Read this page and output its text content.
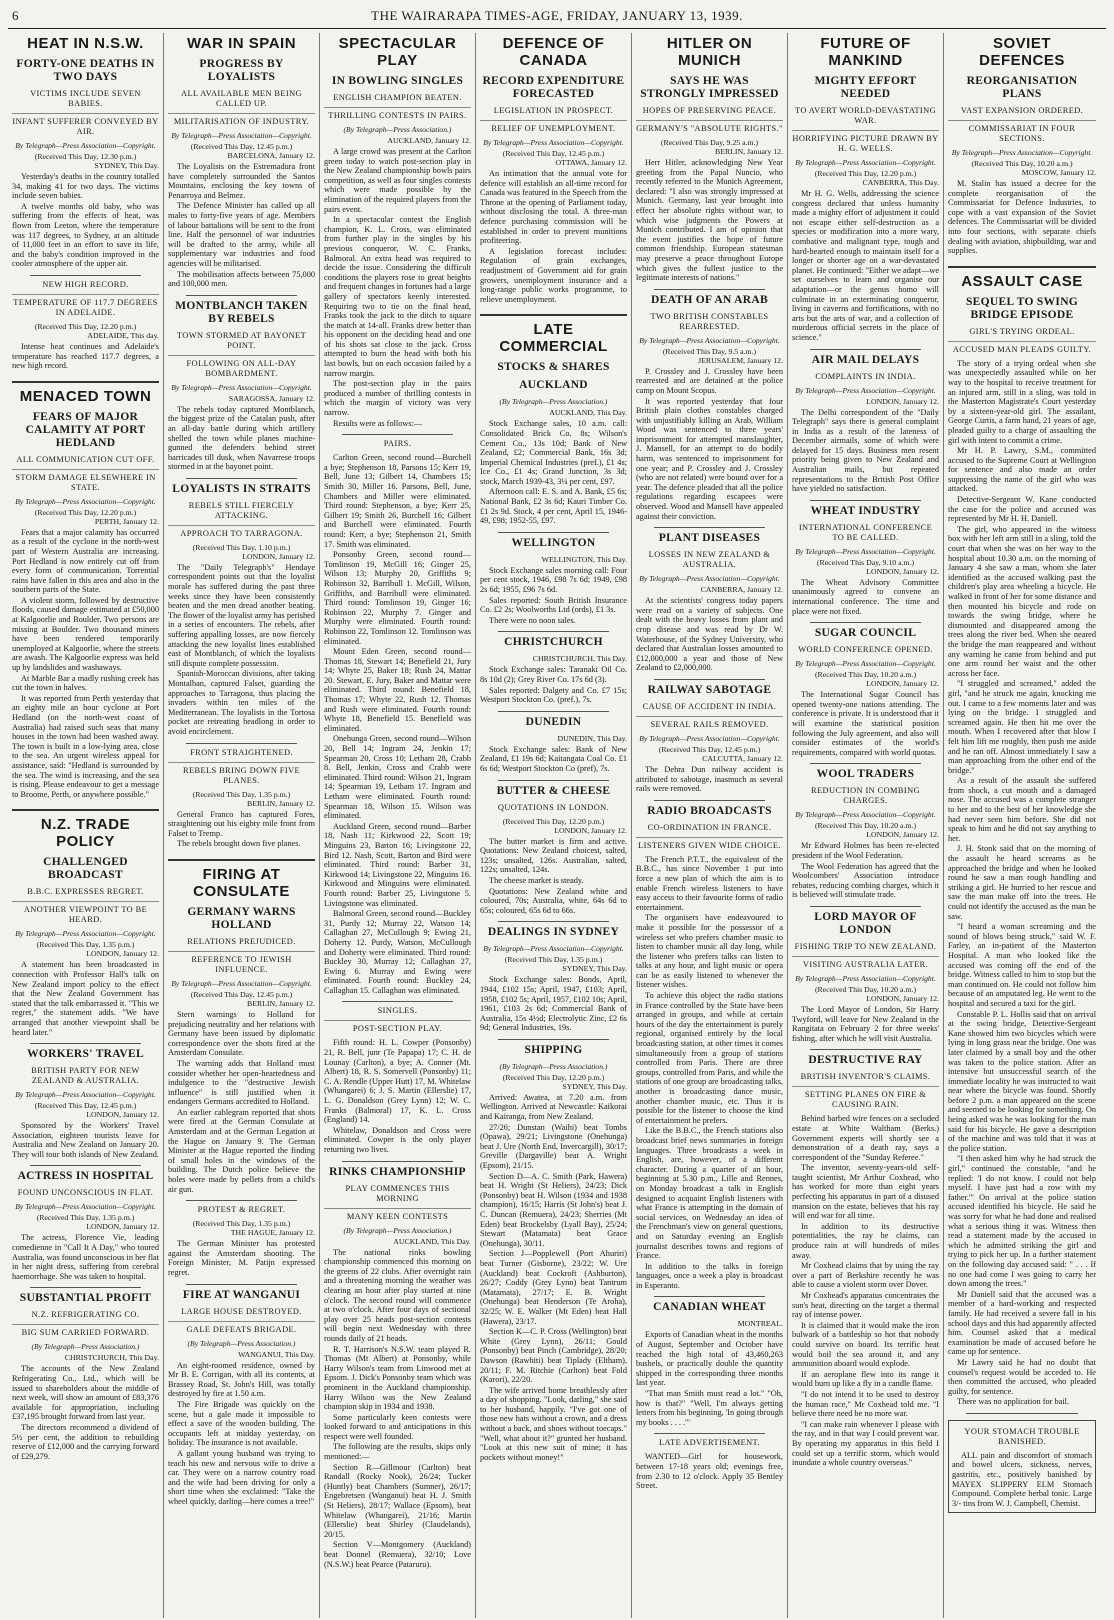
6	THE WAIRARAPA TIMES-AGE, FRIDAY, JANUARY 13, 1939.
HEAT IN N.S.W.
FORTY-ONE DEATHS IN TWO DAYS
VICTIMS INCLUDE SEVEN BABIES.
INFANT SUFFERER CONVEYED BY AIR.
By Telegraph—Press Association—Copyright.
(Received This Day, 12.30 p.m.)
SYDNEY, This Day.
Yesterday's deaths in the country totalled 34, making 41 for two days. The victims include seven babies.
A twelve months old baby, who was suffering from the effects of heat, was flown from Leeton, where the temperature was 117 degrees, to Sydney, at an altitude of 11,000 feet in an effort to save its life, and the baby's condition improved in the cooler atmosphere of the upper air.
NEW HIGH RECORD.
TEMPERATURE OF 117.7 DEGREES IN ADELAIDE.
(Received This Day, 12.20 p.m.)
ADELAIDE, This day.
Intense heat continues and Adelaide's temperature has reached 117.7 degrees, a new high record.
MENACED TOWN
FEARS OF MAJOR CALAMITY AT PORT HEDLAND
ALL COMMUNICATION CUT OFF.
STORM DAMAGE ELSEWHERE IN STATE.
By Telegraph—Press Association—Copyright.
(Received This Day, 12.20 p.m.)
PERTH, January 12.
Fears that a major calamity has occurred as a result of the cyclone in the north-west part of Western Australia are increasing. Port Hedland is now entirely cut off from every form of communication. Torrential rains have fallen in this area and also in the southern parts of the State.
A violent storm, followed by destructive floods, caused damage estimated at £50,000 at Kalgoorlie and Boulder. Two persons are missing at Boulder. Two thousand miners have been rendered temporarily unemployed at Kalgoorlie, where the streets are awash. The Kalgoorlie express was held up by landslides and washaways.
At Marble Bar a madly rushing creek has cut the town in halves.
It was reported from Perth yesterday that an eighty mile an hour cyclone at Port Hedland (on the north-west coast of Australia) had raised such seas that many houses in the town had been washed away. The town is built in a low-lying area, close to the sea. An urgent wireless appeal for assistance, said: "Hedland is surrounded by the sea. The wind is increasing, and the sea is rising. Please endeavour to get a message to Broome, Perth, or anywhere possible."
N.Z. TRADE POLICY
CHALLENGED BROADCAST
B.B.C. EXPRESSES REGRET.
ANOTHER VIEWPOINT TO BE HEARD.
By Telegraph—Press Association—Copyright.
(Received This Day, 1.35 p.m.)
LONDON, January 12.
A statement has been broadcasted in connection with Professor Hall's talk on New Zealand import policy to the effect that the New Zealand Government has stated that the talk embarrassed it. "This we regret," the statement adds. "We have arranged that another viewpoint shall be heard later."
WORKERS' TRAVEL
BRITISH PARTY FOR NEW ZEALAND & AUSTRALIA.
By Telegraph—Press Association—Copyright.
(Received This Day, 12.45 p.m.)
LONDON, January 12.
Sponsored by the Workers' Travel Association, eighteen tourists leave for Australia and New Zealand on January 20. They will tour both islands of New Zealand.
ACTRESS IN HOSPITAL
FOUND UNCONSCIOUS IN FLAT.
By Telegraph—Press Association—Copyright.
(Received This Day, 1.35 p.m.)
LONDON, January 12.
The actress, Florence Vie, leading comedienne in "Call It A Day," who toured Australia, was found unconscious in her flat in her night dress, suffering from cerebral haemorrhage. She was taken to hospital.
SUBSTANTIAL PROFIT
N.Z. REFRIGERATING CO.
BIG SUM CARRIED FORWARD.
(By Telegraph—Press Association.)
CHRISTCHURCH, This Day.
The accounts of the New Zealand Refrigerating Co., Ltd., which will be issued to shareholders about the middle of next week, will show an amount of £83,376 available for appropriation, including £37,195 brought forward from last year.
The directors recommend a dividend of 5½ per cent, the addition to rebuilding reserve of £12,000 and the carrying forward of £29,279.
WAR IN SPAIN
PROGRESS BY LOYALISTS
ALL AVAILABLE MEN BEING CALLED UP.
MILITARISATION OF INDUSTRY.
By Telegraph—Press Association—Copyright.
(Received This Day, 12.45 p.m.)
BARCELONA, January 12.
The Loyalists on the Estremadura front have completely surrounded the Santos Mountains, enclosing the key towns of Penarroya and Belmez.
The Defence Minister has called up all males to forty-five years of age. Members of labour battalions will be sent to the front line. Half the personnel of war industries will be drafted to the army, while all supplementary war industries and food agencies will be militarised.
The mobilisation affects between 75,000 and 100,000 men.
MONTBLANCH TAKEN BY REBELS
TOWN STORMED AT BAYONET POINT.
FOLLOWING ON ALL-DAY BOMBARDMENT.
By Telegraph—Press Association—Copyright.
SARAGOSSA, January 12.
The rebels today captured Montblanch, the biggest prize of the Catalan push, after an all-day battle during which artillery shelled the town while planes machine-gunned the defenders behind street barricades till dusk, when Navarrese troops stormed in at the bayonet point.
LOYALISTS IN STRAITS
REBELS STILL FIERCELY ATTACKING.
APPROACH TO TARRAGONA.
(Received This Day, 1.10 p.m.)
LONDON, January 12.
The "Daily Telegraph's" Hendaye correspondent points out that the loyalist morale has suffered during the past three weeks since they have been consistently beaten and the men dread another beating. The flower of the loyalist army has perished in a series of encounters. The rebels, after suffering appalling losses, are now fiercely attacking the new loyalist lines established east of Montblanch, of which the loyalists still dispute complete possession.
Spanish-Moroccan divisions, after taking Montalban, captured Falset, guarding the approaches to Tarragona, thus placing the invaders within ten miles of the Mediterranean. The loyalists in the Tortosa pocket are retreating headlong in order to avoid encirclement.
FRONT STRAIGHTENED.
REBELS BRING DOWN FIVE PLANES.
(Received This Day, 1.35 p.m.)
BERLIN, January 12.
General Franco has captured Fores, straightening out his eighty mile front from Falset to Tremp.
The rebels brought down five planes.
FIRING AT CONSULATE
GERMANY WARNS HOLLAND
RELATIONS PREJUDICED.
REFERENCE TO JEWISH INFLUENCE.
By Telegraph—Press Association—Copyright.
(Received This Day, 12.45 p.m.)
BERLIN, January 12.
Stern warnings to Holland for prejudicing neutrality and her relations with Germany have been issued by diplomatic correspondence over the shots fired at the Amsterdam Consulate.
The warning adds that Holland must consider whether her open-heartedness and indulgence to the "destructive Jewish influence" is still justified when it endangers Germans accredited to Holland.
An earlier cablegram reported that shots were fired at the German Consulate at Amsterdam and at the German Legation at the Hague on January 9. The German Minister at the Hague reported the finding of small holes in the windows of the building. The Dutch police believe the holes were made by pellets from a child's air gun.
PROTEST & REGRET.
(Received This Day, 1.35 p.m.)
THE HAGUE, January 12.
The German Minister has protested against the Amsterdam shooting. The Foreign Minister, M. Patijn expressed regret.
FIRE AT WANGANUI
LARGE HOUSE DESTROYED.
GALE DEFEATS BRIGADE.
(By Telegraph—Press Association.)
WANGANUI, This Day.
An eight-roomed residence, owned by Mr B. E. Corrigan, with all its contents, at Brassey Road, St. John's Hill, was totally destroyed by fire at 1.50 a.m.
The Fire Brigade was quickly on the scene, but a gale made it impossible to effect a save of the wooden building. The occupants left at midday yesterday, on holiday. The insurance is not available.
A gallant young husband was trying to teach his new and nervous wife to drive a car. They were on a narrow country road and the wife had been driving for only a short time when she exclaimed: "Take the wheel quickly, darling—here comes a tree!"
SPECTACULAR PLAY
IN BOWLING SINGLES
ENGLISH CHAMPION BEATEN.
THRILLING CONTESTS IN PAIRS.
(By Telegraph—Press Association.)
AUCKLAND, January 12.
A large crowd was present at the Carlton green today to watch post-section play in the New Zealand championship bowls pairs competition, as well as four singles contests which were made possible by the elimination of the required players from the pairs event.
In a spectacular contest the English champion, K. L. Cross, was eliminated from further play in the singles by his previous conqueror, W. C. Franks, Balmoral. An extra head was required to decide the issue. Considering the difficult conditions the players rose to great heights and frequent changes in fortunes had a large gallery of spectators keenly interested. Requiring two to tie on the final head, Franks took the jack to the ditch to square the match at 14-all. Franks drew better than his opponent on the deciding head and one of his shots sat close to the jack. Cross attempted to burn the head with both his last bowls, but on each occasion failed by a narrow margin.
The post-section play in the pairs produced a number of thrilling contests in which the margin of victory was very narrow.
Results were as follows:—
PAIRS.
Carlton Green, second round—Burchell a bye; Stephenson 18, Parsons 15; Kerr 19, Bell, June 13; Gilbert 14, Chambers 15; Smith 30, Miller 16. Parsons, Bell, June, Chambers and Miller were eliminated. Third round: Stephenson, a bye; Kerr 25, Gilbert 19; Smith 26, Burchell 16; Gilbert and Burchell were eliminated. Fourth round: Kerr, a bye; Stephenson 21, Smith 17. Smith was eliminated.
Ponsonby Green, second round—Tomlinson 19, McGill 16; Ginger 25, Wilson 13; Murphy 20, Griffiths 9; Robinson 32, Barribull 1. McGill, Wilson, Griffiths, and Barribull were eliminated. Third round: Tomlinson 19, Ginger 16; Robinson 22, Murphy 7. Ginger and Murphy were eliminated. Fourth round: Robinson 22, Tomlinson 12. Tomlinson was eliminated.
Mount Eden Green, second round—Thomas 18, Stewart 14; Benefield 21, Jury 14; Whyte 25, Baker 18; Rush 24, Mattar 20. Stewart, E. Jury, Baker and Mattar were eliminated. Third round: Benefield 18, Thomas 17; Whyte 22, Rush 12. Thomas and Rush were eliminated. Fourth round: Whyte 18, Benefield 15. Benefield was eliminated.
Onehunga Green, second round—Wilson 20, Bell 14; Ingram 24, Jenkin 17; Spearman 20, Cross 10; Letham 28, Crabb 8. Bell, Jenkin, Cross and Crabb were eliminated. Third round: Wilson 21, Ingram 14; Spearman 19, Letham 17. Ingram and Letham were eliminated. Fourth round: Spearman 18, Wilson 15. Wilson was eliminated.
Auckland Green, second round—Barber 18, Nash 11; Kirkwood 22, Scott 19; Minguins 23, Barton 16; Livingstone 22, Bird 12. Nash, Scott, Barton and Bird were eliminated. Third round: Barber 31, Kirkwood 14; Livingstone 22, Minguins 16. Kirkwood and Minguins were eliminated. Fourth round: Barber 25, Livingstone 5. Livingstone was eliminated.
Balmoral Green, second round—Buckley 31, Purdy 12; Murray 22, Watson 14; Callaghan 27, McCullough 9; Ewing 21, Doherty 12. Purdy, Watson, McCullough and Doherty were eliminated. Third round: Buckley 30, Murray 12; Callaghan 27, Ewing 6. Murray and Ewing were eliminated. Fourth round: Buckley 24, Callaghan 15. Callaghan was eliminated.
SINGLES.
POST-SECTION PLAY.
Fifth round: H. L. Cowper (Ponsonby) 21, R. Bell, junr (Te Papapa) 17; C. H. de Lounay (Carlton), a bye; A. Conner (Mt. Albert) 18, R. S. Somervell (Ponsonby) 11; C. A. Rendle (Upper Hutt) 17, M. Whitelaw (Whangarei) 6; J. S. Martin (Ellerslie) 17, L. G. Donaldson (Grey Lynn) 12; W. C. Franks (Balmoral) 17, K. L. Cross (England) 14.
Whitelaw, Donaldson and Cross were eliminated. Cowper is the only player returning two lives.
RINKS CHAMPIONSHIP
PLAY COMMENCES THIS MORNING
MANY KEEN CONTESTS
(By Telegraph—Press Association.)
AUCKLAND, This Day.
The national rinks bowling championship commenced this morning on the greens of 22 clubs. After overnight rain and a threatening morning the weather was clearing an hour after play started at nine o'clock. The second round will commence at two o'clock. After four days of sectional play over 25 heads post-section contests will begin next Wednesday with three rounds daily of 21 heads.
R. T. Harrison's N.S.W. team played R. Thomas (Mt Albert) at Ponsonby, while Harry Wilson's team from Linwood met at Epsom. J. Dick's Ponsonby team which was prominent in the Auckland championship. Harry Wilson was the New Zealand champion skip in 1934 and 1938.
Some particularly keen contests were looked forward to and anticipations in this respect were well founded.
The following are the results, skips only mentioned:—
Section R—Gillmour (Carlton) beat Randall (Rocky Nook), 26/24; Tucker (Huntly) beat Chambers (Sumner), 26/17; Engebretsen (Wanganui) beat H. J. Smith (St Heliers), 28/17; Wallace (Epsom), beat Whitelaw (Whangarei), 21/16; Martin (Ellerslie) beat Shirley (Claudelands), 20/15.
Section V—Montgomery (Auckland) beat Donnel (Remuera), 32/10; Love (N.S.W.) beat Pearce (Pataruru).
DEFENCE OF CANADA
RECORD EXPENDITURE FORECASTED
LEGISLATION IN PROSPECT.
RELIEF OF UNEMPLOYMENT.
By Telegraph—Press Association—Copyright.
(Received This Day, 12.45 p.m.)
OTTAWA, January 12.
An intimation that the annual vote for defence will establish an all-time record for Canada was featured in the Speech from the Throne at the opening of Parliament today, without disclosing the total. A three-man defence purchasing commission will be established in order to prevent munitions profiteering.
A legislation forecast includes: Regulation of grain exchanges, readjustment of Government aid for grain growers, unemployment insurance and a long-range public works programme, to relieve unemployment.
LATE COMMERCIAL
STOCKS & SHARES
AUCKLAND
(By Telegraph—Press Association.)
AUCKLAND, This Day.
Stock Exchange sales, 10 a.m. call: Consolidated Brick Co. 8s; Wilson's Cement Co., 13s 10d; Bank of New Zealand, £2; Commercial Bank, 16s 3d; Imperial Chemical Industries (pref.), £1 4s; Ice Co., £1 4s; Grand Junction, 3s 3d; stock, March 1939-43, 3¼ per cent, £97.
Afternoon call: E. S. and A. Bank, £5 6s; National Bank, £2 3s 6d; Kauri Timber Co. £1 2s 9d. Stock, 4 per cent, April 15, 1946-49, £98; 1952-55, £97.
WELLINGTON
WELLINGTON, This Day.
Stock Exchange sales morning call: Four per cent stock, 1946, £98 7s 6d; 1949, £98 2s 6d; 1955, £96 7s 6d.
Sales reported: South British Insurance Co. £2 2s; Woolworths Ltd (ords), £1 3s.
There were no noon sales.
CHRISTCHURCH
CHRISTCHURCH, This Day.
Stock Exchange sales: Taranaki Oil Co. 8s 10d (2); Grey River Co. 17s 6d (3).
Sales reported: Dalgety and Co. £7 15s; Westport Stockton Co. (pref.), 7s.
DUNEDIN
DUNEDIN, This Day.
Stock Exchange sales: Bank of New Zealand, £1 19s 6d; Kaitangata Coal Co. £1 6s 6d; Westport Stockton Co (pref), 7s.
BUTTER & CHEESE
QUOTATIONS IN LONDON.
(Received This Day, 12.20 p.m.)
LONDON, January 12.
The butter market is firm and active. Quotations: New Zealand choicest, salted, 123s; unsalted, 126s. Australian, salted, 122s; unsalted, 124s.
The cheese market is steady.
Quotations: New Zealand white and coloured, 70s; Australia, white, 64s 6d to 65s; coloured, 65s 6d to 66s.
DEALINGS IN SYDNEY
By Telegraph—Press Association—Copyright.
(Received This Day, 1.35 p.m.)
SYDNEY, This Day.
Stock Exchange sales: Bonds, April, 1944, £102 15s; April, 1947, £103; April, 1958, £102 5s; April, 1957, £102 10s; April, 1961, £103 2s 6d; Commercial Bank of Australia, 15s 4½d; Electrolytic Zinc, £2 6s 9d; General Industries, 19s.
SHIPPING
(By Telegraph—Press Association.)
(Received This Day, 12.20 p.m.)
SYDNEY, This Day.
Arrived: Awatea, at 7.20 a.m. from Wellington. Arrived at Newcastle: Kaikorai and Kairanga, from New Zealand.
27/26; Dunstan (Waihi) beat Tombs (Opawa), 29/21; Livingstone (Onehunga) beat J. Ure (North End, Invercargill), 30/17; Greville (Dargaville) beat A. Wright (Epsom), 21/15.
Section D—A. C. Smith (Park, Hawera) beat H. Wright (St Heliers), 24/23; Dick (Ponsonby) beat H. Wilson (1934 and 1938 champion), 16/15; Harris (St John's) beat J. C. Duncan (Remuera), 24/23; Sherries (Mt Eden) beat Brockelsby (Lyall Bay), 25/24; Stewart (Matamata) beat Grace (Onehunga), 30/11.
Section J—Popplewell (Port Ahuriri) beat Turner (Gisborne), 23/22; W. Ure (Auckland) beat Cockroft (Ashburton), 26/27; Coddy (Grey Lynn) beat Tantrum (Matamata), 27/17; E. B. Wright (Onehunga) beat Henderson (Te Aroha), 32/25; W. E. Walker (Mt Eden) beat Hall (Hawera), 23/17.
Section K—C. P. Cross (Wellington) beat White (Grey Lynn), 26/11; Gould (Ponsonby) beat Pinch (Cambridge), 28/20; Dawson (Rawhiti) beat Tiplady (Eltham), 20/11; F. M. Ritchie (Carlton) beat Fold (Karori), 22/20.
The wife arrived home breathlessly after a day of shopping. "Look, darling," she said to her husband, happily. "I've got one of those new hats without a crown, and a dress without a back, and shoes without toecaps." "Well, what about it?" grunted her husband. "Look at this new suit of mine; it has pockets without money!"
HITLER ON MUNICH
SAYS HE WAS STRONGLY IMPRESSED
HOPES OF PRESERVING PEACE.
GERMANY'S "ABSOLUTE RIGHTS."
(Received This Day, 9.25 a.m.)
BERLIN, January 12.
Herr Hitler, acknowledging New Year greeting from the Papal Nuncio, who recently referred to the Munich Agreement, declared: "I also was strongly impressed at Munich. Germany, last year brought into effect her absolute rights without war, to which wise judgments the Powers at Munich contributed. I am of opinion that the event justifies the hope of future common friendship. European statesman may preserve a peace throughout Europe which gives the fullest justice to the legitimate interests of nations."
DEATH OF AN ARAB
TWO BRITISH CONSTABLES REARRESTED.
By Telegraph—Press Association—Copyright.
(Received This Day, 9.5 a.m.)
JERUSALEM, January 12.
P. Crossley and J. Crossley have been rearrested and are detained at the police camp on Mount Scopus.
It was reported yesterday that four British plain clothes constables charged with unjustifiably killing an Arab, William Wood was sentenced to three years' imprisonment for attempted manslaughter, J. Mansell, for an attempt to do bodily harm, was sentenced to imprisonment for one year; and P. Crossley and J. Crossley (who are not related) were bound over for a year. The defence pleaded that all the police regulations regarding escapees were observed. Wood and Mansell have appealed against their conviction.
PLANT DISEASES
LOSSES IN NEW ZEALAND & AUSTRALIA.
By Telegraph—Press Association—Copyright.
CANBERRA, January 12.
At the scientists' congress today papers were read on a variety of subjects. One dealt with the heavy losses from plant and crop disease and was read by Dr W. Waterhouse, of the Sydney University, who declared that Australian losses amounted to £12,000,000 a year and those of New Zealand to £2,000,000.
RAILWAY SABOTAGE
CAUSE OF ACCIDENT IN INDIA.
SEVERAL RAILS REMOVED.
By Telegraph—Press Association—Copyright.
(Received This Day, 12.45 p.m.)
CALCUTTA, January 12.
The Dehra Dun railway accident is attributed to sabotage, inasmuch as several rails were removed.
RADIO BROADCASTS
CO-ORDINATION IN FRANCE.
LISTENERS GIVEN WIDE CHOICE.
The French P.T.T., the equivalent of the B.B.C., has since November 1 put into force a new plan of which the aim is to enable French wireless listeners to have easy access to their favourite forms of radio entertainment.
The organisers have endeavoured to make it possible for the possessor of a wireless set who prefers chamber music to listen to chamber music all day long, while the listener who prefers talks can listen to talks at any hour, and light music or opera can be as easily listened to whenever the listener wishes.
To achieve this object the radio stations in France controlled by the State have been arranged in groups, and while at certain hours of the day the entertainment is purely regional, organised entirely by the local broadcasting station, at other times it comes simultaneously from a group of stations controlled from Paris. There are three groups, controlled from Paris, and while the stations of one group are broadcasting talks, another is broadcasting dance music, another chamber music, etc. Thus it is possible for the listener to choose the kind of entertainment he prefers.
Like the B.B.C., the French stations also broadcast brief news summaries in foreign languages. Three broadcasts a week in English, are, however, of a different character. During a quarter of an hour, beginning at 5.30 p.m., Lille and Rennes, on Monday broadcast a talk in English designed to acquaint English listeners with what France is attempting in the domain of social services, on Wednesday an idea of the Frenchman's view on general questions, and on Saturday evening an English journalist describes towns and regions of France.
In addition to the talks in foreign languages, once a week a play is broadcast in Esperanto.
CANADIAN WHEAT
MONTREAL.
Exports of Canadian wheat in the months of August, September and October have reached the high total of 43,460,263 bushels, or practically double the quantity shipped in the corresponding three months last year.
"That man Smith must read a lot." "Oh, how is that?" "Well, I'm always getting letters from his beginning, 'In going through my books . . . .'"
LATE ADVERTISEMENT.
WANTED—Girl for housework, between 17-18 years old; evenings free, from 2.30 to 12 o'clock. Apply 35 Bentley Street.
FUTURE OF MANKIND
MIGHTY EFFORT NEEDED
TO AVERT WORLD-DEVASTATING WAR.
HORRIFYING PICTURE DRAWN BY H. G. WELLS.
By Telegraph—Press Association—Copyright.
(Received This Day, 12.20 p.m.)
CANBERRA, This Day.
Mr H. G. Wells, addressing the science congress declared that unless humanity made a mighty effort of adjustment it could not escape either self-destruction as a species or modification into a more wary, combative and malignant type, tough and hard-hearted enough to maintain itself for a longer or shorter age on a war-devastated planet. He continued: "Either we adapt—we set ourselves to learn and organise our adaptation—or the genus homo will culminate in an exterminating conqueror, living in caverns and fortifications, with no arts but the arts of war, and a collection of murderous official secrets in the place of science."
AIR MAIL DELAYS
COMPLAINTS IN INDIA.
By Telegraph—Press Association—Copyright.
LONDON, January 12.
The Delhi correspondent of the "Daily Telegraph" says there is general complaint in India as a result of the lateness of December airmails, some of which were delayed for 15 days. Business men resent priority being given to New Zealand and Australian mails, but repeated representations to the British Post Office have yielded no satisfaction.
WHEAT INDUSTRY
INTERNATIONAL CONFERENCE TO BE CALLED.
By Telegraph—Press Association—Copyright.
(Received This Day, 9.10 a.m.)
LONDON, January 12.
The Wheat Advisory Committee unanimously agreed to convene an international conference. The time and place were not fixed.
SUGAR COUNCIL
WORLD CONFERENCE OPENED.
By Telegraph—Press Association—Copyright.
(Received This Day, 10.20 a.m.)
LONDON, January 12.
The International Sugar Council has opened twenty-one nations attending. The conference is private. It is understood that it will examine the statistical position following the July agreement, and also will consider estimates of the world's requirements, compared with world quotas.
WOOL TRADERS
REDUCTION IN COMBING CHARGES.
By Telegraph—Press Association—Copyright.
(Received This Day, 10.20 a.m.)
LONDON, January 12.
Mr Edward Holmes has been re-elected president of the Wool Federation.
The Wool Federation has agreed that the Woolcombers' Association introduce rebates, reducing combing charges, which it is believed will stimulate trade.
LORD MAYOR OF LONDON
FISHING TRIP TO NEW ZEALAND.
VISITING AUSTRALIA LATER.
By Telegraph—Press Association—Copyright.
(Received This Day, 10.20 a.m.)
LONDON, January 12.
The Lord Mayor of London, Sir Harry Twyford, will leave for New Zealand in the Rangitata on February 2 for three weeks' fishing, after which he will visit Australia.
DESTRUCTIVE RAY
BRITISH INVENTOR'S CLAIMS.
SETTING PLANES ON FIRE & CAUSING RAIN.
Behind barbed wire fences on a secluded estate at White Waltham (Berks.) Government experts will shortly see a demonstration of a death ray, says a correspondent of the "Sunday Referee."
The inventor, seventy-years-old self-taught scientist, Mr Arthur Coxhead, who has worked for more than eight years perfecting his apparatus in part of a disused mansion on the estate, believes that his ray will end war for all time.
In addition to its destructive potentialities, the ray he claims, can produce rain at will hundreds of miles away.
Mr Coxhead claims that by using the ray over a part of Berkshire recently he was able to cause a violent storm over Dover.
Mr Coxhead's apparatus concentrates the sun's heat, directing on the target a thermal ray of intense power.
It is claimed that it would make the iron bulwark of a battleship so hot that nobody could survive on board. Its terrific heat would boil the sea around it, and any ammunition aboard would explode.
If an aeroplane flew into its range it would burn up like a fly in a candle flame.
"I do not intend it to be used to destroy the human race," Mr Coxhead told me. "I believe there need be no more war.
"I can make rain whenever I please with the ray, and in that way I could prevent war. By operating my apparatus in this field I could set up a terrific storm, which would inundate a whole country overseas."
SOVIET DEFENCES
REORGANISATION PLANS
VAST EXPANSION ORDERED.
COMMISSARIAT IN FOUR SECTIONS.
By Telegraph—Press Association—Copyright.
(Received This Day, 10.20 a.m.)
MOSCOW, January 12.
M. Stalin has issued a decree for the complete reorganisation of the Commissariat for Defence Industries, to cope with a vast expansion of the Soviet defences. The Commissariat will be divided into four sections, with separate chiefs dealing with aviation, shipbuilding, war and supplies.
ASSAULT CASE
SEQUEL TO SWING BRIDGE EPISODE
GIRL'S TRYING ORDEAL.
ACCUSED MAN PLEADS GUILTY.
The story of a trying ordeal when she was unexpectedly assaulted while on her way to the hospital to receive treatment for an injured arm, still in a sling, was told in the Masterton Magistrate's Court yesterday by a sixteen-year-old girl. The assailant, George Curtis, a farm hand, 21 years of age, pleaded guilty to a charge of assaulting the girl with intent to commit a crime.
Mr H. P. Lawry, S.M., committed accused to the Supreme Court at Wellington for sentence and also made an order suppressing the name of the girl who was attacked.
Detective-Sergeant W. Kane conducted the case for the police and accused was represented by Mr H. H. Daniell.
The girl, who appeared in the witness box with her left arm still in a sling, told the court that when she was on her way to the hospital about 10.30 a.m. on the morning of January 4 she saw a man, whom she later identified as the accused walking past the children's play area wheeling a bicycle. He walked in front of her for some distance and then mounted his bicycle and rode on towards the swing bridge, where he dismounted and disappeared among the trees along the river bed. When she neared the bridge the man reappeared and without any warning he came from behind and put one arm round her waist and the other across her face.
"I struggled and screamed," added the girl, "and he struck me again, knocking me out. I came to a few moments later and was lying on the bridge. I struggled and screamed again. He then hit me over the mouth. When I recovered after that blow I felt him lift me roughly, then push me aside and he ran off. Almost immediately I saw a man approaching from the other end of the bridge."
As a result of the assault she suffered from shock, a cut mouth and a damaged nose. The accused was a complete stranger to her and to the best of her knowledge she had never seen him before. She did not speak to him and he did not say anything to her.
J. H. Stonk said that on the morning of the assault he heard screams as he approached the bridge and when he looked round he saw a man rough handling and striking a girl. He hurried to her rescue and saw the man make off into the trees. He could not identify the accused as the man he saw.
"I heard a woman screaming and the sound of blows being struck," said W. F. Farley, an in-patient of the Masterton Hospital. A man who looked like the accused was coming off the end of the bridge. Witness called to him to stop but the man continued on. He could not follow him because of an amputated leg. He went to the hospital and secured a taxi for the girl.
Constable P. L. Hollis said that on arrival at the swing bridge, Detective-Sergeant Kane showed him two bicycles which were lying in long grass near the bridge. One was later claimed by a small boy and the other was taken to the police station. After an intensive but unsuccessful search of the immediate locality he was instructed to wait near where the bicycle was found. Shortly before 2 p.m. a man appeared on the scene and seemed to be looking for something. On being asked was he was looking for the man said for his bicycle. He gave a description of the machine and was told that it was at the police station.
"I then asked him why he had struck the girl," continued the constable, "and he replied: 'I do not know. I could not help myself. I have just had a row with my father.'" On arrival at the police station accused identified his bicycle. He said he was sorry for what he had done and realised what a serious thing it was. Witness then read a statement made by the accused in which he admitted striking the girl and trying to pick her up. In a further statement on the following day accused said: " . . . If no one had come I was going to carry her down among the trees."
Mr Daniell said that the accused was a member of a hard-working and respected family. He had received a severe fall in his school days and this had apparently affected him. Counsel asked that a medical examination be made of accused before he came up for sentence.
Mr Lawry said he had no doubt that counsel's request would be acceded to. He then committed the accused, who pleaded guilty, for sentence.
There was no application for bail.
YOUR STOMACH TROUBLE BANISHED.
ALL pain and discomfort of stomach and bowel ulcers, sickness, nerves, gastritis, etc., positively banished by MAYEX SLIPPERY ELM Stomach Compound. Complete herbal tonic. Large 3/- tins from W. J. Campbell, Chemist.
